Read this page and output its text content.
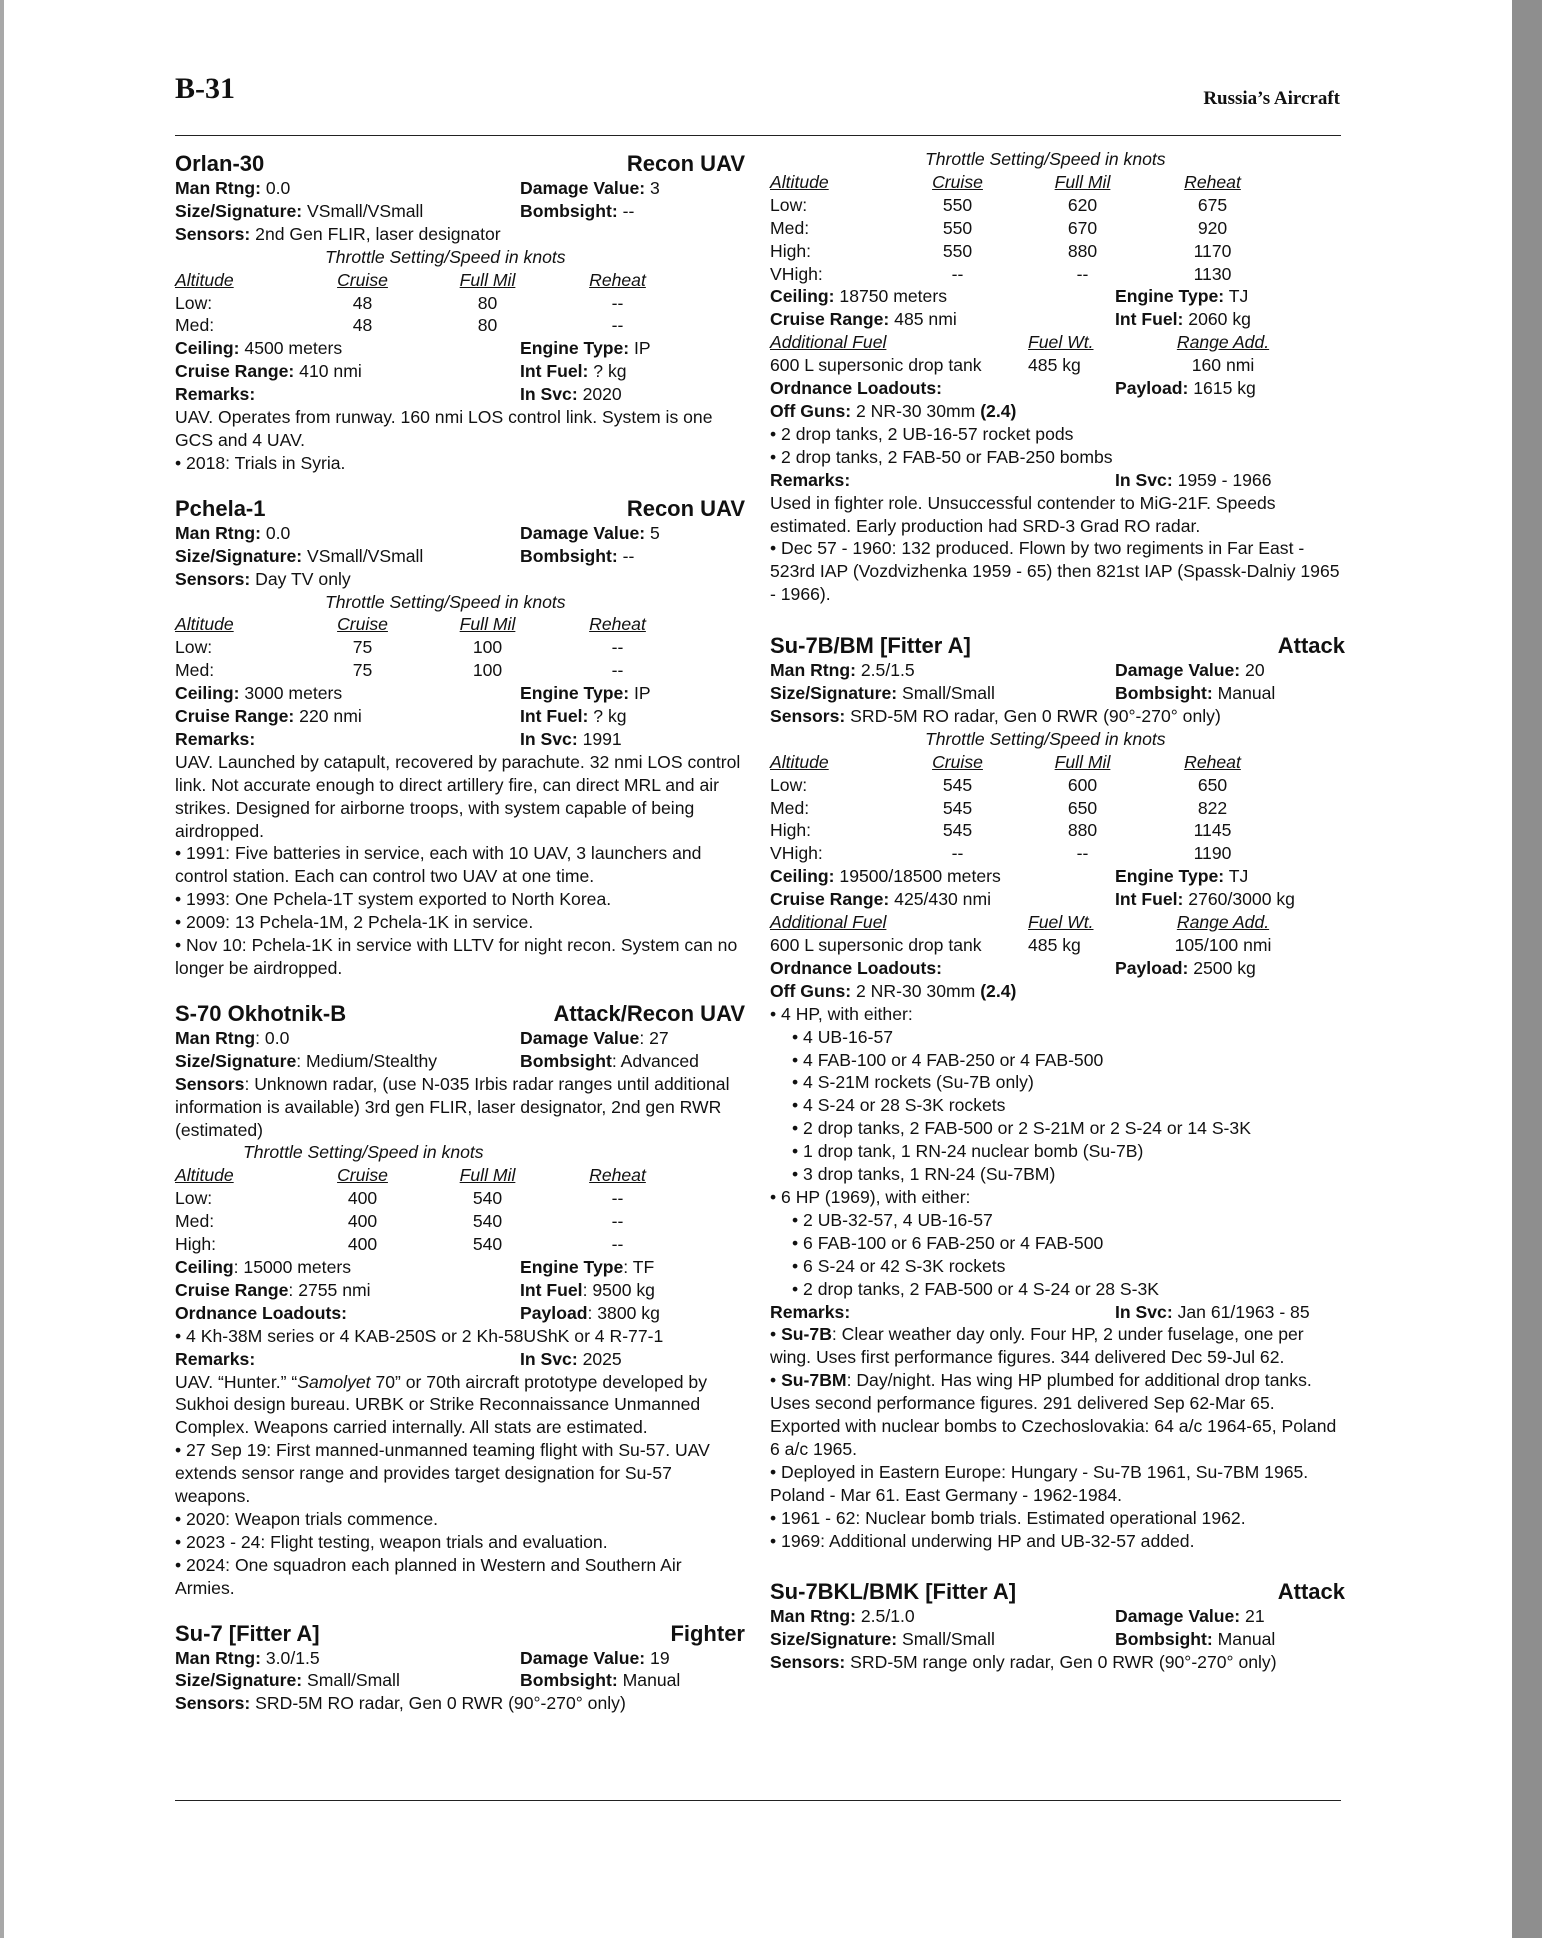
B-31	Russia’s Aircraft
Orlan-30	Recon UAV
Man Rtng: 0.0	Damage Value: 3
Size/Signature: VSmall/VSmall	Bombsight: --
Sensors: 2nd Gen FLIR, laser designator
Throttle Setting/Speed in knots
Altitude	Cruise	Full Mil	Reheat
Low:	48	80	--
Med:	48	80	--
Ceiling: 4500 meters	Engine Type: IP
Cruise Range: 410 nmi	Int Fuel: ? kg
Remarks:	In Svc: 2020
UAV. Operates from runway. 160 nmi LOS control link. System is one GCS and 4 UAV.
• 2018: Trials in Syria.
Pchela-1	Recon UAV
Man Rtng: 0.0	Damage Value: 5
Size/Signature: VSmall/VSmall	Bombsight: --
Sensors: Day TV only
Throttle Setting/Speed in knots
Altitude	Cruise	Full Mil	Reheat
Low:	75	100	--
Med:	75	100	--
Ceiling: 3000 meters	Engine Type: IP
Cruise Range: 220 nmi	Int Fuel: ? kg
Remarks:	In Svc: 1991
UAV. Launched by catapult, recovered by parachute. 32 nmi LOS control link. Not accurate enough to direct artillery fire, can direct MRL and air strikes. Designed for airborne troops, with system capable of being airdropped.
• 1991: Five batteries in service, each with 10 UAV, 3 launchers and control station. Each can control two UAV at one time.
• 1993: One Pchela-1T system exported to North Korea.
• 2009: 13 Pchela-1M, 2 Pchela-1K in service.
• Nov 10: Pchela-1K in service with LLTV for night recon. System can no longer be airdropped.
S-70 Okhotnik-B	Attack/Recon UAV
Man Rtng: 0.0	Damage Value: 27
Size/Signature: Medium/Stealthy	Bombsight: Advanced
Sensors: Unknown radar, (use N-035 Irbis radar ranges until additional information is available) 3rd gen FLIR, laser designator, 2nd gen RWR (estimated)
Throttle Setting/Speed in knots
Altitude	Cruise	Full Mil	Reheat
Low:	400	540	--
Med:	400	540	--
High:	400	540	--
Ceiling: 15000 meters	Engine Type: TF
Cruise Range: 2755 nmi	Int Fuel: 9500 kg
Ordnance Loadouts:	Payload: 3800 kg
• 4 Kh-38M series or 4 KAB-250S or 2 Kh-58UShK or 4 R-77-1
Remarks:	In Svc: 2025
UAV. “Hunter.” “Samolyet 70” or 70th aircraft prototype developed by Sukhoi design bureau. URBK or Strike Reconnaissance Unmanned Complex. Weapons carried internally. All stats are estimated.
• 27 Sep 19: First manned-unmanned teaming flight with Su-57. UAV extends sensor range and provides target designation for Su-57 weapons.
• 2020: Weapon trials commence.
• 2023 - 24: Flight testing, weapon trials and evaluation.
• 2024: One squadron each planned in Western and Southern Air Armies.
Su-7 [Fitter A]	Fighter
Man Rtng: 3.0/1.5	Damage Value: 19
Size/Signature: Small/Small	Bombsight: Manual
Sensors: SRD-5M RO radar, Gen 0 RWR (90°-270° only)
Throttle Setting/Speed in knots
Altitude	Cruise	Full Mil	Reheat
Low:	550	620	675
Med:	550	670	920
High:	550	880	1170
VHigh:	--	--	1130
Ceiling: 18750 meters	Engine Type: TJ
Cruise Range: 485 nmi	Int Fuel: 2060 kg
Additional Fuel	Fuel Wt.	Range Add.
600 L supersonic drop tank	485 kg	160 nmi
Ordnance Loadouts:	Payload: 1615 kg
Off Guns: 2 NR-30 30mm (2.4)
• 2 drop tanks, 2 UB-16-57 rocket pods
• 2 drop tanks, 2 FAB-50 or FAB-250 bombs
Remarks:	In Svc: 1959 - 1966
Used in fighter role. Unsuccessful contender to MiG-21F. Speeds estimated. Early production had SRD-3 Grad RO radar.
• Dec 57 - 1960: 132 produced. Flown by two regiments in Far East - 523rd IAP (Vozdvizhenka 1959 - 65) then 821st IAP (Spassk-Dalniy 1965 - 1966).
Su-7B/BM [Fitter A]	Attack
Man Rtng: 2.5/1.5	Damage Value: 20
Size/Signature: Small/Small	Bombsight: Manual
Sensors: SRD-5M RO radar, Gen 0 RWR (90°-270° only)
Throttle Setting/Speed in knots
Altitude	Cruise	Full Mil	Reheat
Low:	545	600	650
Med:	545	650	822
High:	545	880	1145
VHigh:	--	--	1190
Ceiling: 19500/18500 meters	Engine Type: TJ
Cruise Range: 425/430 nmi	Int Fuel: 2760/3000 kg
Additional Fuel	Fuel Wt.	Range Add.
600 L supersonic drop tank	485 kg	105/100 nmi
Ordnance Loadouts:	Payload: 2500 kg
Off Guns: 2 NR-30 30mm (2.4)
• 4 HP, with either:
• 4 UB-16-57
• 4 FAB-100 or 4 FAB-250 or 4 FAB-500
• 4 S-21M rockets (Su-7B only)
• 4 S-24 or 28 S-3K rockets
• 2 drop tanks, 2 FAB-500 or 2 S-21M or 2 S-24 or 14 S-3K
• 1 drop tank, 1 RN-24 nuclear bomb (Su-7B)
• 3 drop tanks, 1 RN-24 (Su-7BM)
• 6 HP (1969), with either:
• 2 UB-32-57, 4 UB-16-57
• 6 FAB-100 or 6 FAB-250 or 4 FAB-500
• 6 S-24 or 42 S-3K rockets
• 2 drop tanks, 2 FAB-500 or 4 S-24 or 28 S-3K
Remarks:	In Svc: Jan 61/1963 - 85
• Su-7B: Clear weather day only. Four HP, 2 under fuselage, one per wing. Uses first performance figures. 344 delivered Dec 59-Jul 62.
• Su-7BM: Day/night. Has wing HP plumbed for additional drop tanks. Uses second performance figures. 291 delivered Sep 62-Mar 65. Exported with nuclear bombs to Czechoslovakia: 64 a/c 1964-65, Poland 6 a/c 1965.
• Deployed in Eastern Europe: Hungary - Su-7B 1961, Su-7BM 1965. Poland - Mar 61. East Germany - 1962-1984.
• 1961 - 62: Nuclear bomb trials. Estimated operational 1962.
• 1969: Additional underwing HP and UB-32-57 added.
Su-7BKL/BMK [Fitter A]	Attack
Man Rtng: 2.5/1.0	Damage Value: 21
Size/Signature: Small/Small	Bombsight: Manual
Sensors: SRD-5M range only radar, Gen 0 RWR (90°-270° only)
